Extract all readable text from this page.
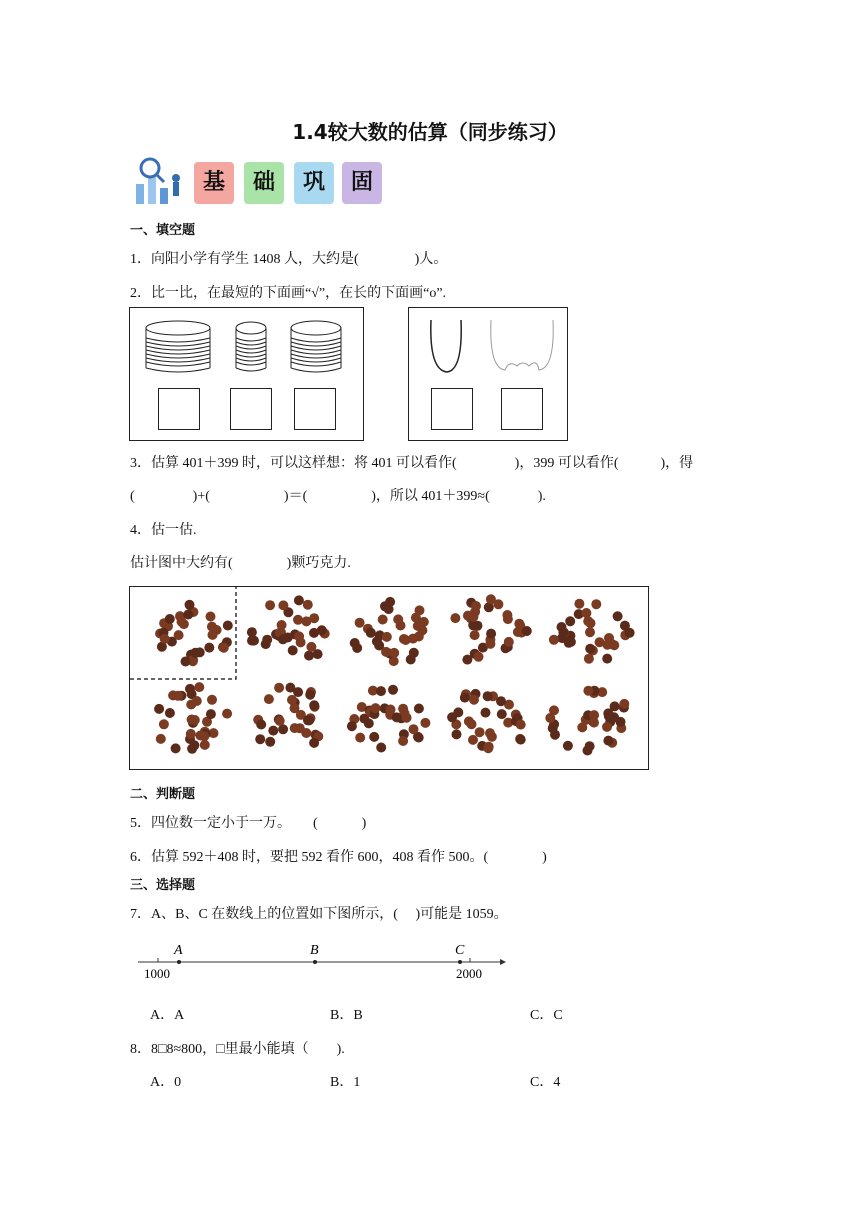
1.4较大数的估算（同步练习）
基	础	巩	固
一、填空题
1．向阳小学有学生 1408 人，大约是(	)人。
2．比一比，在最短的下面画“√”，在长的下面画“o”.
3．估算 401＋399 时，可以这样想：将 401 可以看作(	)，399 可以看作(	)，得
(	)+(	)＝(	)，所以 401＋399≈(	).
4．估一估.
估计图中大约有(	)颗巧克力.
二、判断题
5．四位数一定小于一万。 (	)
6．估算 592＋408 时，要把 592 看作 600，408 看作 500。(	)
三、选择题
7．A、B、C 在数线上的位置如下图所示，(　 )可能是 1059。
A	B	C
1000	2000
A．A	B．B	C．C
8．8□8≈800，□里最小能填（　　).
A．0	B．1	C．4
